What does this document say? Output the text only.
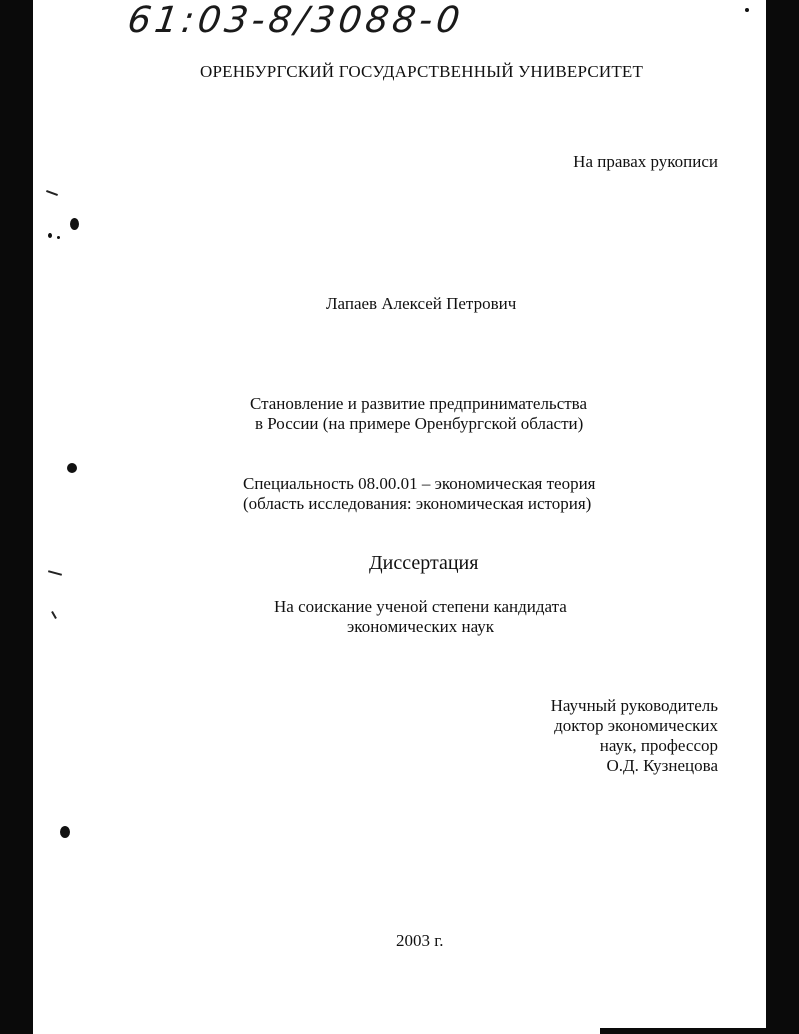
61:03-8/3088-0
ОРЕНБУРГСКИЙ ГОСУДАРСТВЕННЫЙ УНИВЕРСИТЕТ
На правах рукописи
Лапаев Алексей Петрович
Становление и развитие предпринимательства
в России (на примере Оренбургской области)
Специальность 08.00.01 – экономическая теория
(область исследования: экономическая история)
Диссертация
На соискание ученой степени кандидата
экономических наук
Научный руководитель
доктор экономических
наук, профессор
О.Д. Кузнецова
2003 г.
